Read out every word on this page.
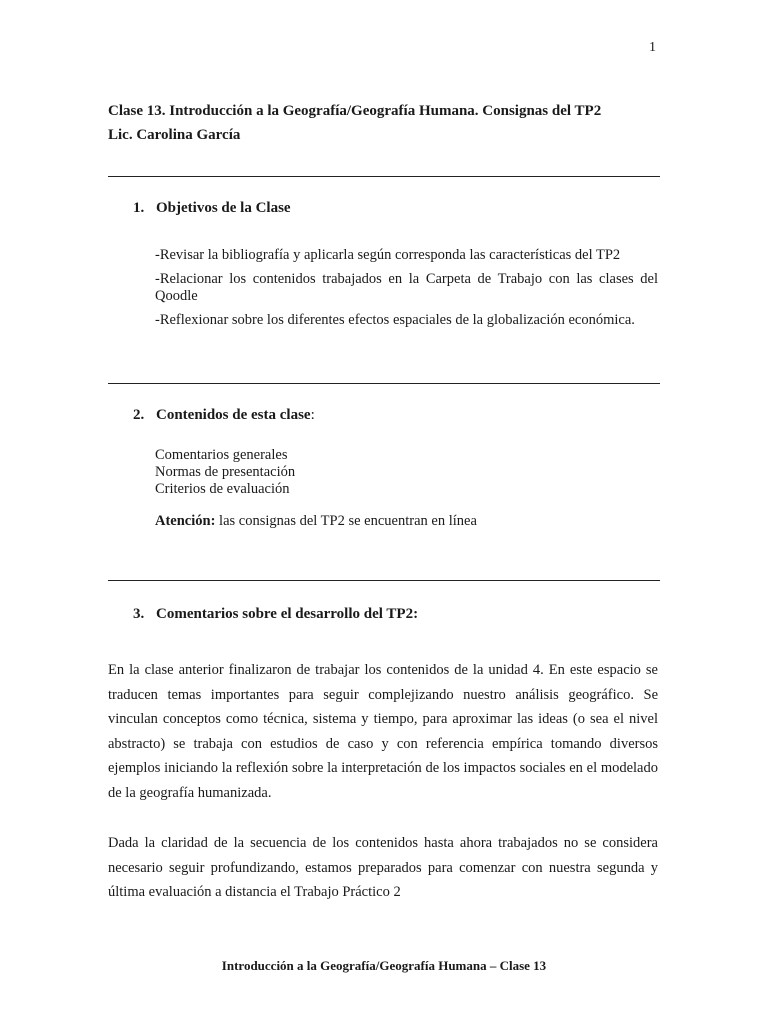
1
Clase 13. Introducción a la Geografía/Geografía Humana. Consignas del TP2
Lic. Carolina García
1. Objetivos de la Clase
-Revisar la bibliografía y aplicarla según corresponda las características del TP2
-Relacionar los contenidos trabajados en la Carpeta de Trabajo con las clases del Qoodle
-Reflexionar sobre los diferentes efectos espaciales de la globalización económica.
2. Contenidos de esta clase:
Comentarios generales
Normas de presentación
Criterios de evaluación
Atención: las consignas del TP2 se encuentran en línea
3. Comentarios sobre el desarrollo del TP2:
En la clase anterior finalizaron de trabajar los contenidos de la unidad 4. En este espacio se traducen temas importantes para seguir complejizando nuestro análisis geográfico. Se vinculan conceptos como técnica, sistema y tiempo, para aproximar las ideas (o sea el nivel abstracto) se trabaja con estudios de caso y con referencia empírica tomando diversos ejemplos iniciando la reflexión sobre la interpretación de los impactos sociales en el modelado de la geografía humanizada.
Dada la claridad de la secuencia de los contenidos hasta ahora trabajados no se considera necesario seguir profundizando, estamos preparados para comenzar con nuestra segunda y última evaluación a distancia el Trabajo Práctico 2
Introducción a la Geografía/Geografía Humana – Clase 13
